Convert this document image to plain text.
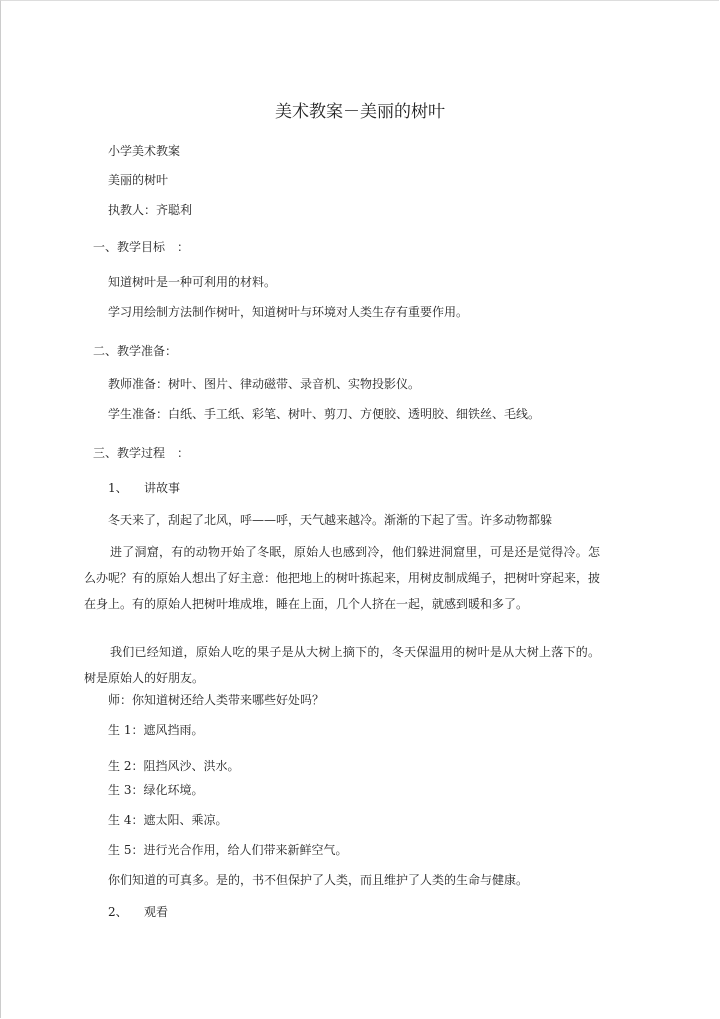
美术教案－美丽的树叶
小学美术教案
美丽的树叶
执教人：齐聪利
一、教学目标　：
知道树叶是一种可利用的材料。
学习用绘制方法制作树叶，知道树叶与环境对人类生存有重要作用。
二、教学准备：
教师准备：树叶、图片、律动磁带、录音机、实物投影仪。
学生准备：白纸、手工纸、彩笔、树叶、剪刀、方便胶、透明胶、细铁丝、毛线。
三、教学过程　：
1、 讲故事
冬天来了，刮起了北风，呼——呼，天气越来越冷。渐渐的下起了雪。许多动物都躲
进了洞窟，有的动物开始了冬眠，原始人也感到冷，他们躲进洞窟里，可是还是觉得冷。怎么办呢？有的原始人想出了好主意：他把地上的树叶拣起来，用树皮制成绳子，把树叶穿起来，披在身上。有的原始人把树叶堆成堆，睡在上面，几个人挤在一起，就感到暖和多了。
我们已经知道，原始人吃的果子是从大树上摘下的，冬天保温用的树叶是从大树上落下的。树是原始人的好朋友。
师：你知道树还给人类带来哪些好处吗？
生 1：遮风挡雨。
生 2：阻挡风沙、洪水。
生 3：绿化环境。
生 4：遮太阳、乘凉。
生 5：进行光合作用，给人们带来新鲜空气。
你们知道的可真多。是的，书不但保护了人类，而且维护了人类的生命与健康。
2、 观看
